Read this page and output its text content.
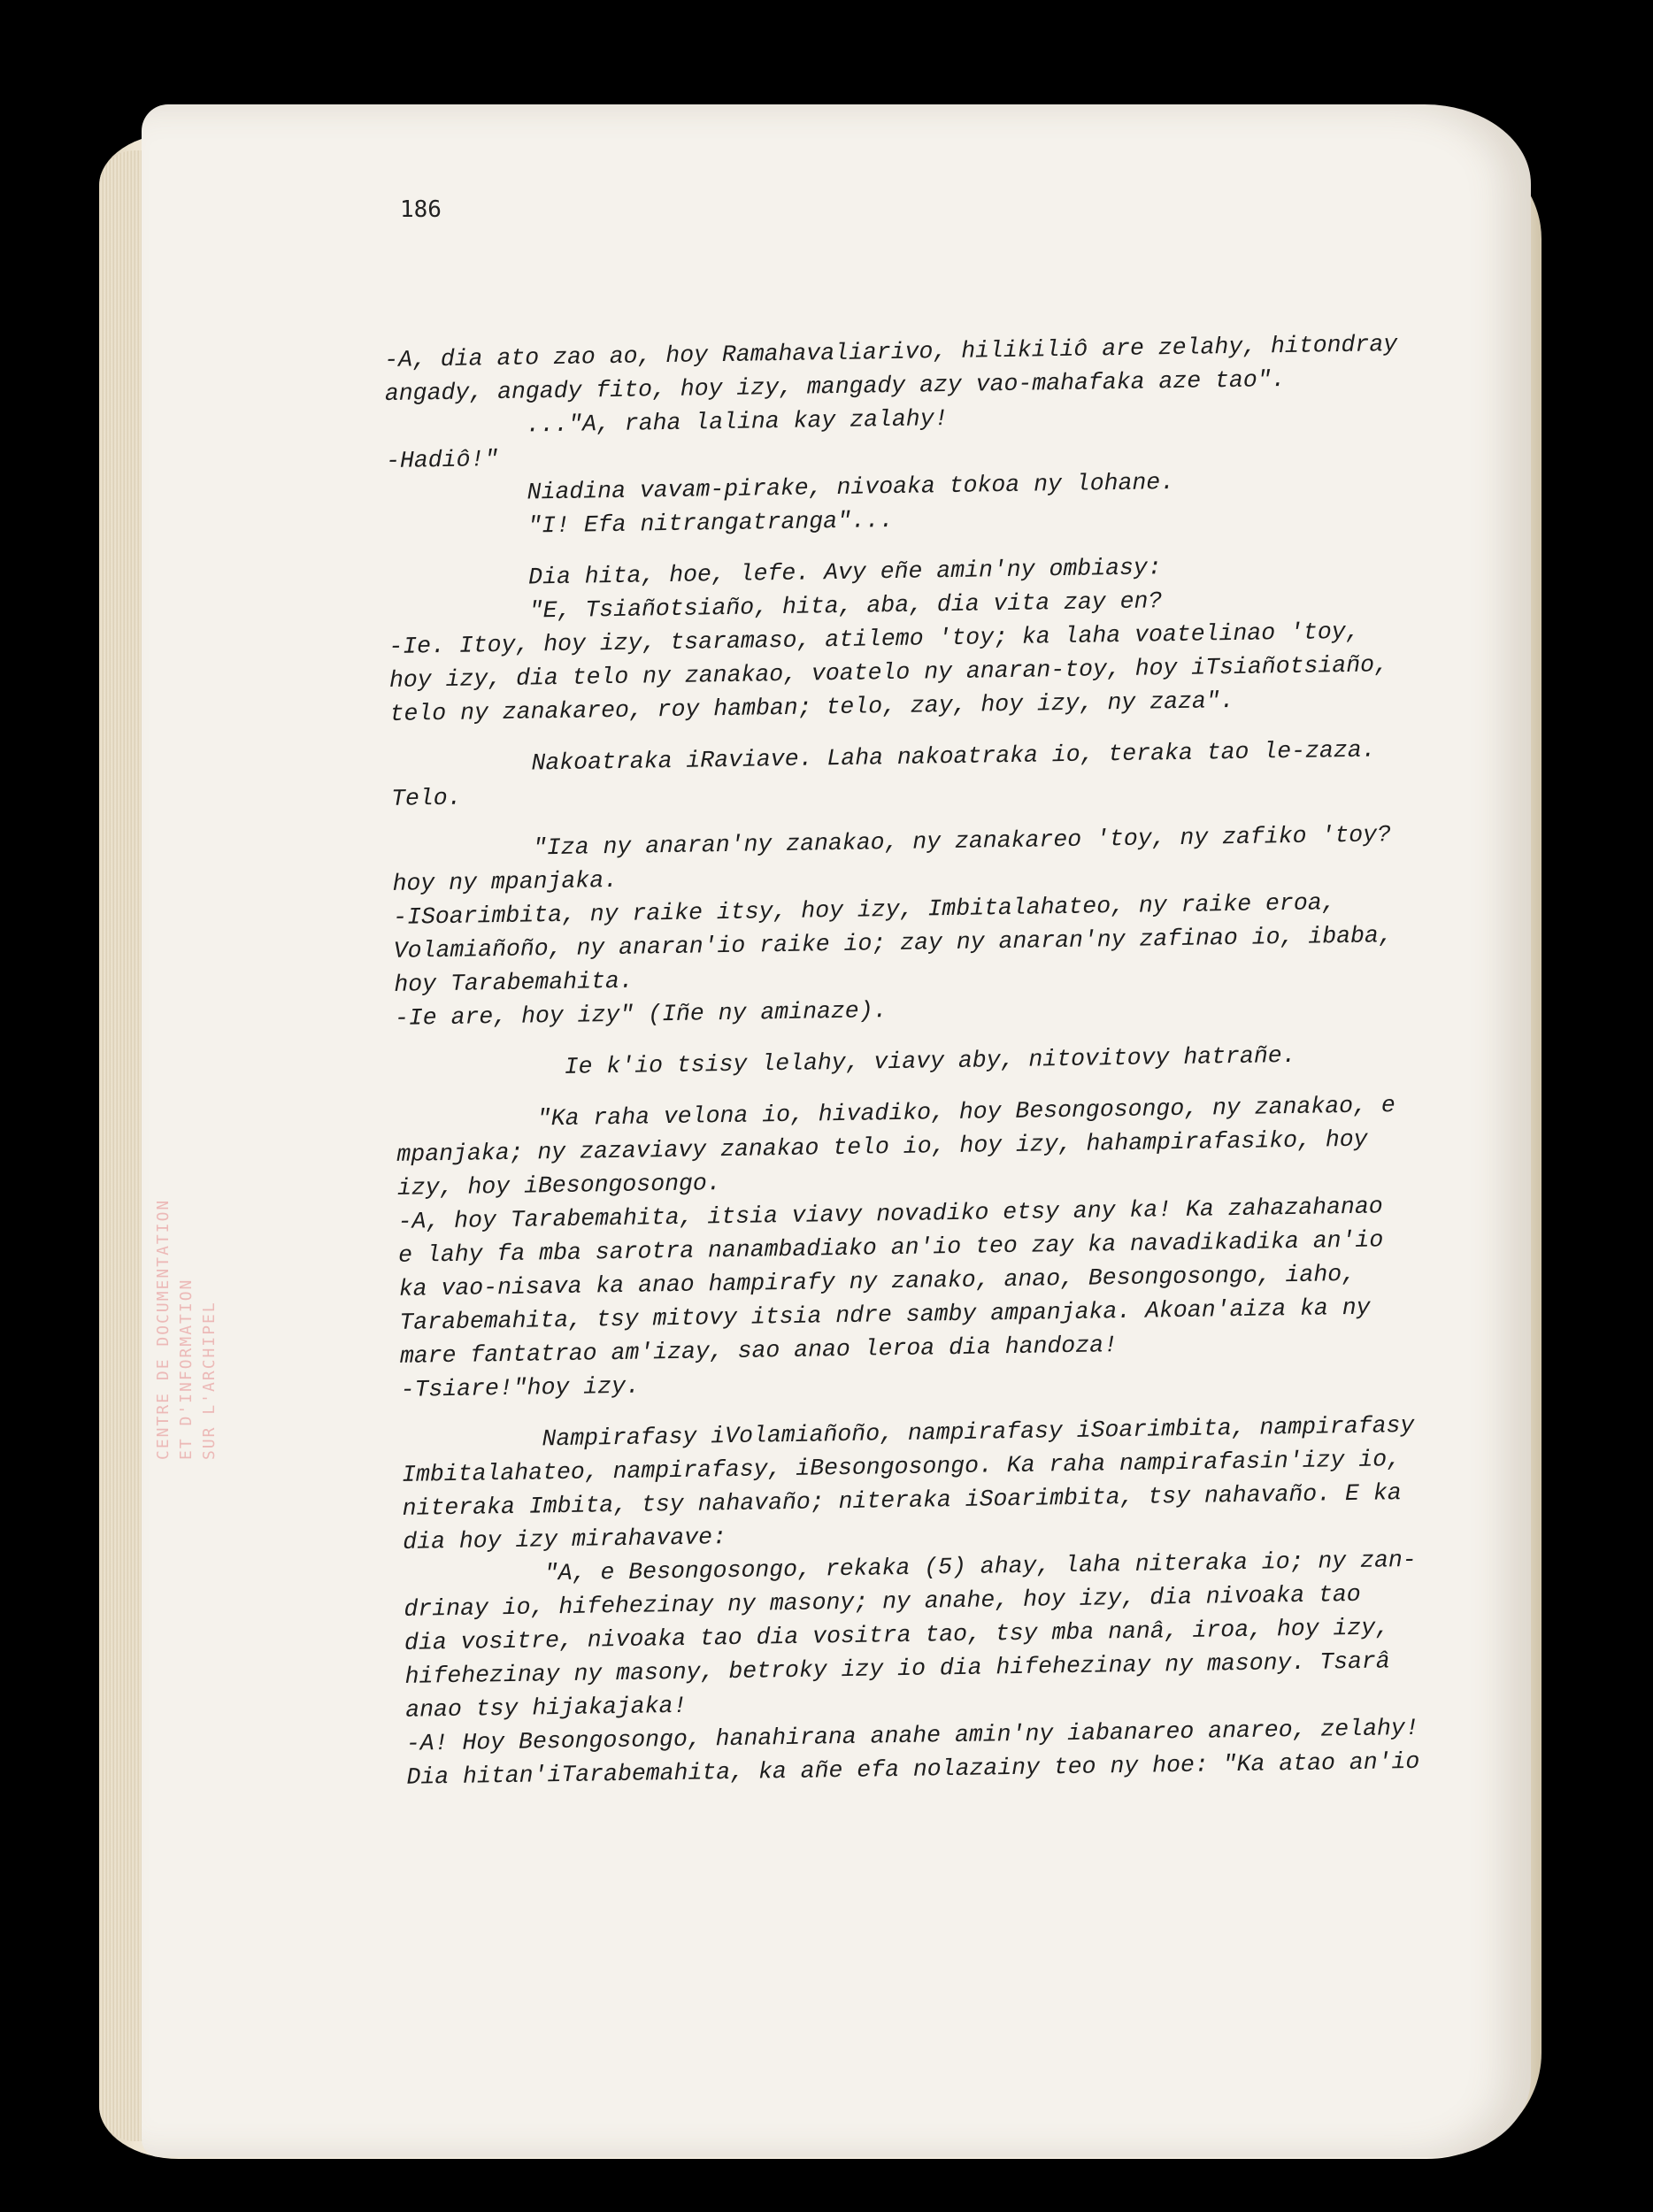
CENTRE DE DOCUMENTATION ET D'INFORMATION SUR L'ARCHIPEL
186
-A, dia ato zao ao, hoy Ramahavaliarivo, hilikiliô are zelahy, hitondray
angady, angady fito, hoy izy, mangady azy vao-mahafaka aze tao".
..."A, raha lalina kay zalahy!
-Hadiô!"
Niadina vavam-pirake, nivoaka tokoa ny lohane.
"I! Efa nitrangatranga"...
Dia hita, hoe, lefe. Avy eñe amin'ny ombiasy:
"E, Tsiañotsiaño, hita, aba, dia vita zay en?
-Ie. Itoy, hoy izy, tsaramaso, atilemo 'toy; ka laha voatelinao 'toy,
hoy izy, dia telo ny zanakao, voatelo ny anaran-toy, hoy iTsiañotsiaño,
telo ny zanakareo, roy hamban; telo, zay, hoy izy, ny zaza".
Nakoatraka iRaviave. Laha nakoatraka io, teraka tao le-zaza.
Telo.
"Iza ny anaran'ny zanakao, ny zanakareo 'toy, ny zafiko 'toy?
hoy ny mpanjaka.
-ISoarimbita, ny raike itsy, hoy izy, Imbitalahateo, ny raike eroa,
Volamiañoño, ny anaran'io raike io; zay ny anaran'ny zafinao io, ibaba,
hoy Tarabemahita.
-Ie are, hoy izy" (Iñe ny aminaze).
Ie k'io tsisy lelahy, viavy aby, nitovitovy hatrañe.
"Ka raha velona io, hivadiko, hoy Besongosongo, ny zanakao, e
mpanjaka; ny zazaviavy zanakao telo io, hoy izy, hahampirafasiko, hoy
izy, hoy iBesongosongo.
-A, hoy Tarabemahita, itsia viavy novadiko etsy any ka! Ka zahazahanao
e lahy fa mba sarotra nanambadiako an'io teo zay ka navadikadika an'io
ka vao-nisava ka anao hampirafy ny zanako, anao, Besongosongo, iaho,
Tarabemahita, tsy mitovy itsia ndre samby ampanjaka. Akoan'aiza ka ny
mare fantatrao am'izay, sao anao leroa dia handoza!
-Tsiare!"hoy izy.
Nampirafasy iVolamiañoño, nampirafasy iSoarimbita, nampirafasy
Imbitalahateo, nampirafasy, iBesongosongo. Ka raha nampirafasin'izy io,
niteraka Imbita, tsy nahavaño; niteraka iSoarimbita, tsy nahavaño. E ka
dia hoy izy mirahavave:
"A, e Besongosongo, rekaka (5) ahay, laha niteraka io; ny zan-
drinay io, hifehezinay ny masony; ny anahe, hoy izy, dia nivoaka tao
dia vositre, nivoaka tao dia vositra tao, tsy mba nanâ, iroa, hoy izy,
hifehezinay ny masony, betroky izy io dia hifehezinay ny masony. Tsarâ
anao tsy hijakajaka!
-A! Hoy Besongosongo, hanahirana anahe amin'ny iabanareo anareo, zelahy!
Dia hitan'iTarabemahita, ka añe efa nolazainy teo ny hoe: "Ka atao an'io
